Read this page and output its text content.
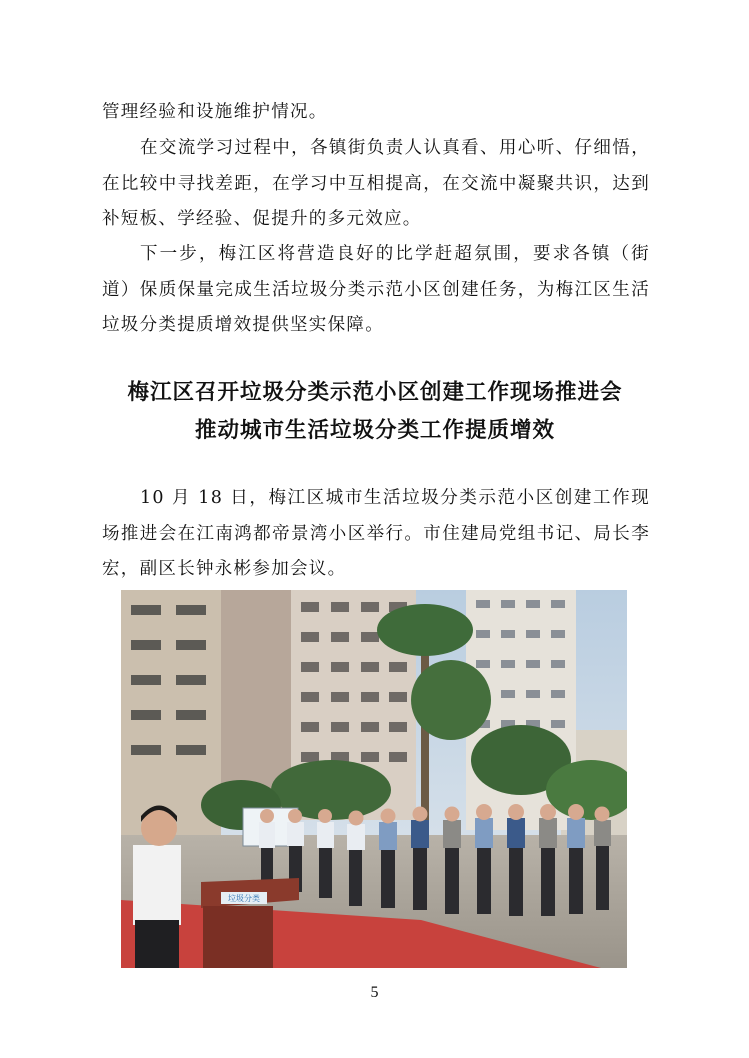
管理经验和设施维护情况。
在交流学习过程中，各镇街负责人认真看、用心听、仔细悟，在比较中寻找差距，在学习中互相提高，在交流中凝聚共识，达到补短板、学经验、促提升的多元效应。
下一步，梅江区将营造良好的比学赶超氛围，要求各镇（街道）保质保量完成生活垃圾分类示范小区创建任务，为梅江区生活垃圾分类提质增效提供坚实保障。
梅江区召开垃圾分类示范小区创建工作现场推进会
推动城市生活垃圾分类工作提质增效
10 月 18 日，梅江区城市生活垃圾分类示范小区创建工作现场推进会在江南鸿都帝景湾小区举行。市住建局党组书记、局长李宏，副区长钟永彬参加会议。
垃圾分类
5
